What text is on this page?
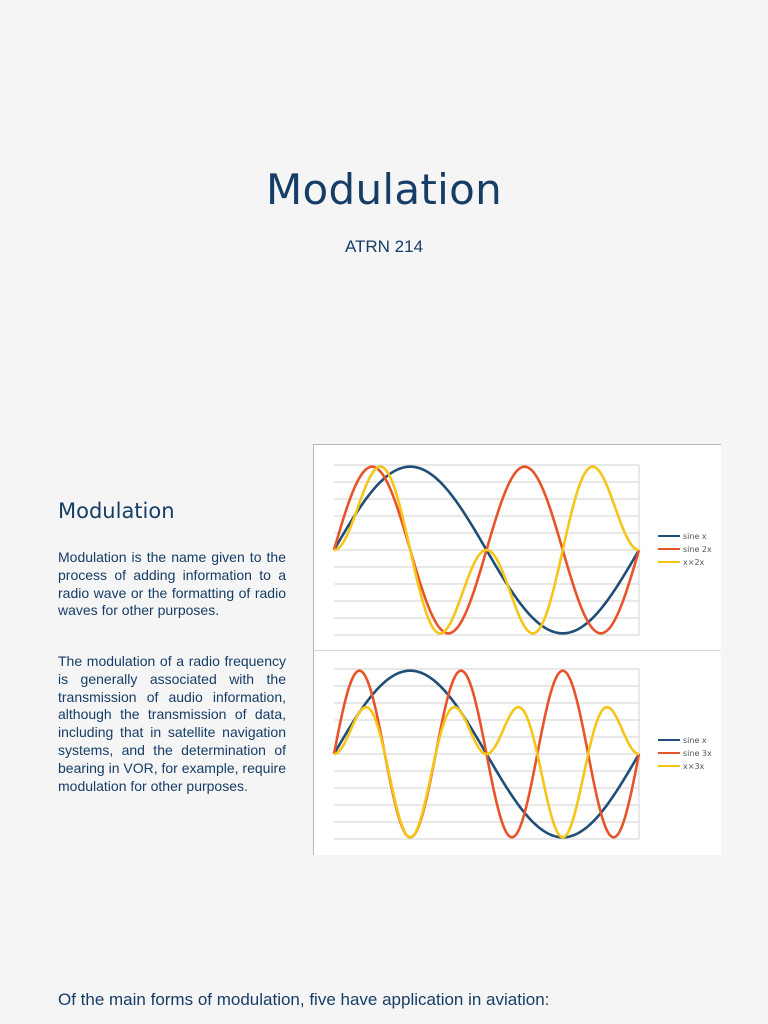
Modulation

ATRN 214

Modulation

Modulation is the name given to the process of adding information to a radio wave or the formatting of radio waves for other purposes.

The modulation of a radio frequency is generally associated with the transmission of audio information, although the transmission of data, including that in satellite navigation systems, and the determination of bearing in VOR, for example, require modulation for other purposes.

sine x
sine 2x
x×2x
sine x
sine 3x
x×3x

Of the main forms of modulation, five have application in aviation:
